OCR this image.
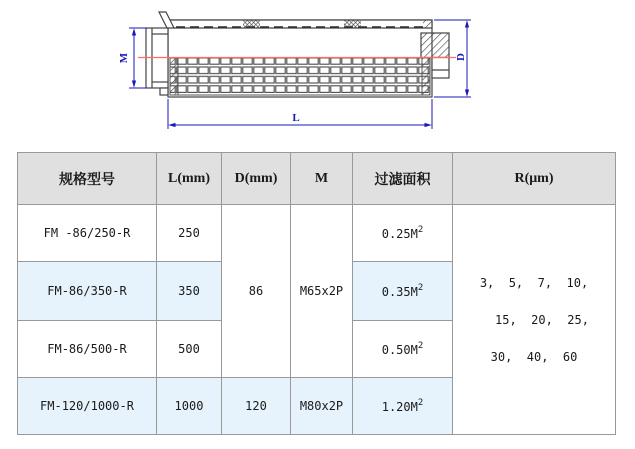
M	D
L
规格型号	L(mm)	D(mm)	M	过滤面积	R(μm)
FM -86/250-R	250	86	M65x2P	$0.25M^2$	3,  5,  7,  10,
15,  20,  25,
30,  40,  60

FM-86/350-R	350			$0.35M^2$
FM-86/500-R	500			$0.50M^2$
FM-120/1000-R	1000	120	M80x2P	$1.20M^2$
